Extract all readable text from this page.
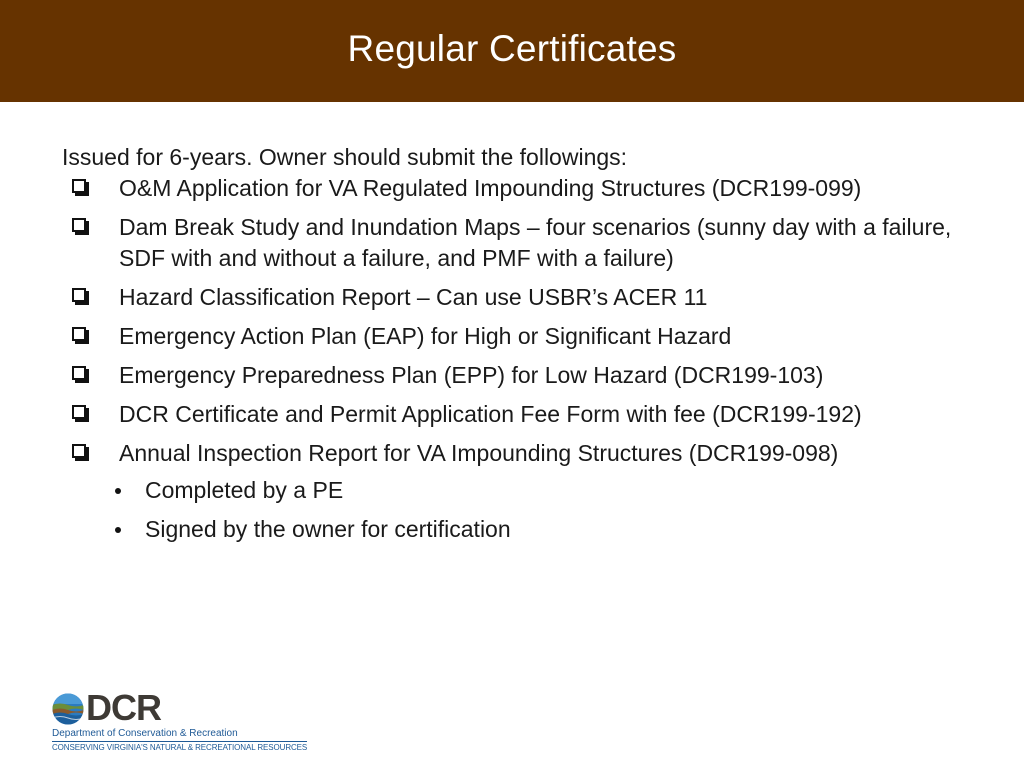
Regular Certificates
Issued for 6-years. Owner should submit the followings:
O&M Application for VA Regulated Impounding Structures (DCR199-099)
Dam Break Study and Inundation Maps – four scenarios (sunny day with a failure, SDF with and without a failure, and PMF with a failure)
Hazard Classification Report – Can use USBR’s ACER 11
Emergency Action Plan (EAP) for High or Significant Hazard
Emergency Preparedness Plan (EPP) for Low Hazard (DCR199-103)
DCR Certificate and Permit Application Fee Form with fee (DCR199-192)
Annual Inspection Report for VA Impounding Structures (DCR199-098)
Completed by a PE
Signed by the owner for certification
DCR
Department of Conservation & Recreation
CONSERVING VIRGINIA'S NATURAL & RECREATIONAL RESOURCES
